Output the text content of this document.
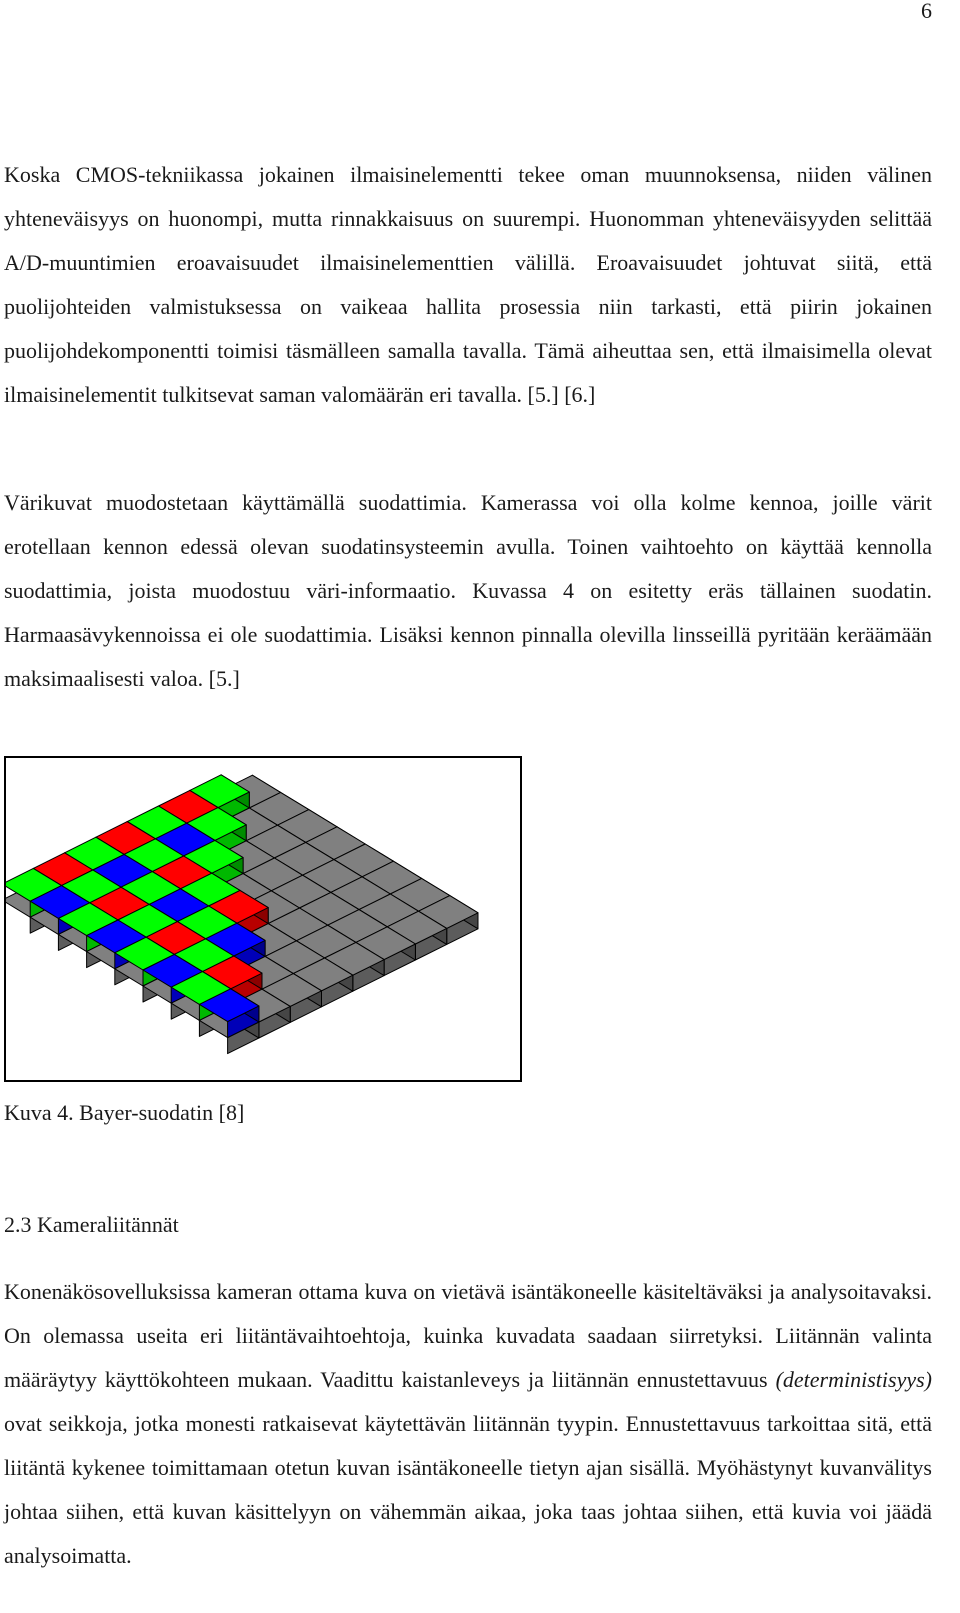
6

Koska CMOS-tekniikassa jokainen ilmaisinelementti tekee oman muunnoksensa, niiden välinen yhteneväisyys on huonompi, mutta rinnakkaisuus on suurempi. Huonomman yhteneväisyyden selittää A/D-muuntimien eroavaisuudet ilmaisinelementtien välillä. Eroavaisuudet johtuvat siitä, että puolijohteiden valmistuksessa on vaikeaa hallita prosessia niin tarkasti, että piirin jokainen puolijohdekomponentti toimisi täsmälleen samalla tavalla. Tämä aiheuttaa sen, että ilmaisimella olevat ilmaisinelementit tulkitsevat saman valomäärän eri tavalla. [5.] [6.]

Värikuvat muodostetaan käyttämällä suodattimia. Kamerassa voi olla kolme kennoa, joille värit erotellaan kennon edessä olevan suodatinsysteemin avulla. Toinen vaihtoehto on käyttää kennolla suodattimia, joista muodostuu väri-informaatio. Kuvassa 4 on esitetty eräs tällainen suodatin. Harmaasävykennoissa ei ole suodattimia. Lisäksi kennon pinnalla olevilla linsseillä pyritään keräämään maksimaalisesti valoa. [5.]

Kuva 4. Bayer-suodatin [8]
2.3 Kameraliitännät

Konenäkösovelluksissa kameran ottama kuva on vietävä isäntäkoneelle käsiteltäväksi ja analysoitavaksi. On olemassa useita eri liitäntävaihtoehtoja, kuinka kuvadata saadaan siirretyksi. Liitännän valinta määräytyy käyttökohteen mukaan. Vaadittu kaistanleveys ja liitännän ennustettavuus (deterministisyys) ovat seikkoja, jotka monesti ratkaisevat käytettävän liitännän tyypin. Ennustettavuus tarkoittaa sitä, että liitäntä kykenee toimittamaan otetun kuvan isäntäkoneelle tietyn ajan sisällä. Myöhästynyt kuvanvälitys johtaa siihen, että kuvan käsittelyyn on vähemmän aikaa, joka taas johtaa siihen, että kuvia voi jäädä analysoimatta.
